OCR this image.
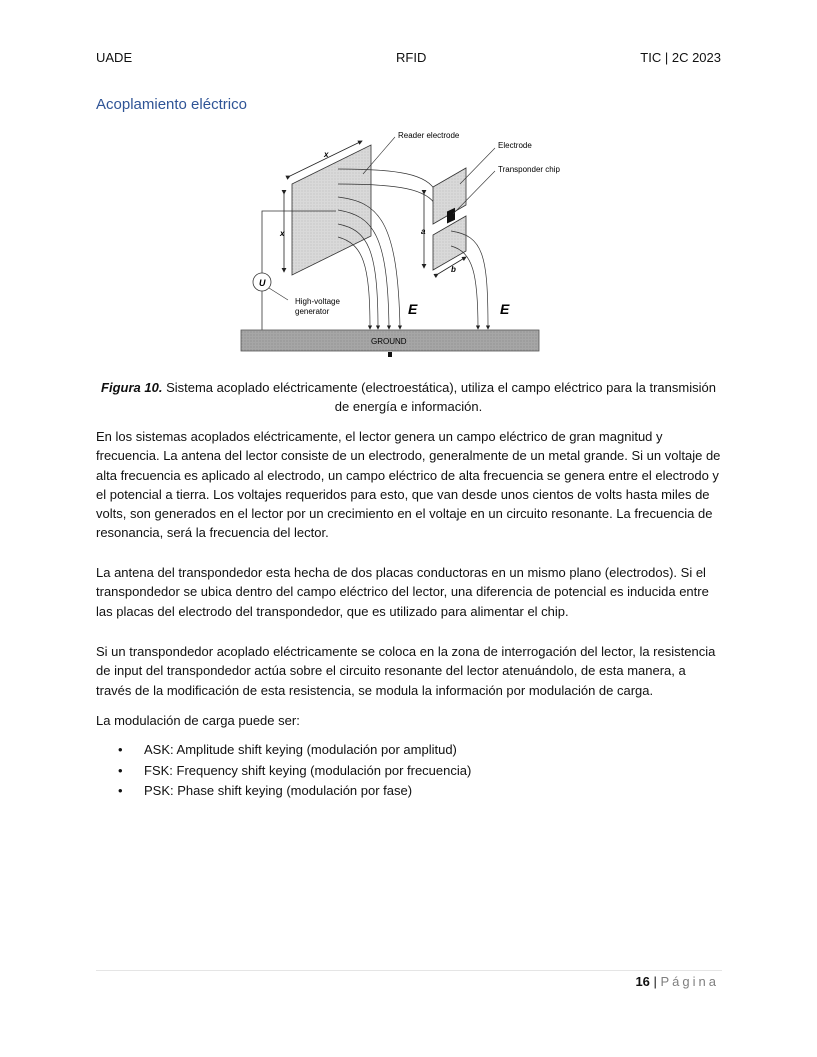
UADE	RFID	TIC | 2C 2023
Acoplamiento eléctrico
x
x
U
High-voltage
generator	E
a
b
E
Reader electrode
Electrode
Transponder chip
GROUND
Figura 10. Sistema acoplado eléctricamente (electroestática), utiliza el campo eléctrico para la transmisión de energía e información.

En los sistemas acoplados eléctricamente, el lector genera un campo eléctrico de gran magnitud y frecuencia. La antena del lector consiste de un electrodo, generalmente de un metal grande. Si un voltaje de alta frecuencia es aplicado al electrodo, un campo eléctrico de alta frecuencia se genera entre el electrodo y el potencial a tierra. Los voltajes requeridos para esto, que van desde unos cientos de volts hasta miles de volts, son generados en el lector por un crecimiento en el voltaje en un circuito resonante. La frecuencia de resonancia, será la frecuencia del lector.

La antena del transpondedor esta hecha de dos placas conductoras en un mismo plano (electrodos). Si el transpondedor se ubica dentro del campo eléctrico del lector, una diferencia de potencial es inducida entre las placas del electrodo del transpondedor, que es utilizado para alimentar el chip.

Si un transpondedor acoplado eléctricamente se coloca en la zona de interrogación del lector, la resistencia de input del transpondedor actúa sobre el circuito resonante del lector atenuándolo, de esta manera, a través de la modificación de esta resistencia, se modula la información por modulación de carga.

La modulación de carga puede ser:

• ASK: Amplitude shift keying (modulación por amplitud)
• FSK: Frequency shift keying (modulación por frecuencia)
• PSK: Phase shift keying (modulación por fase)
16 | Página
